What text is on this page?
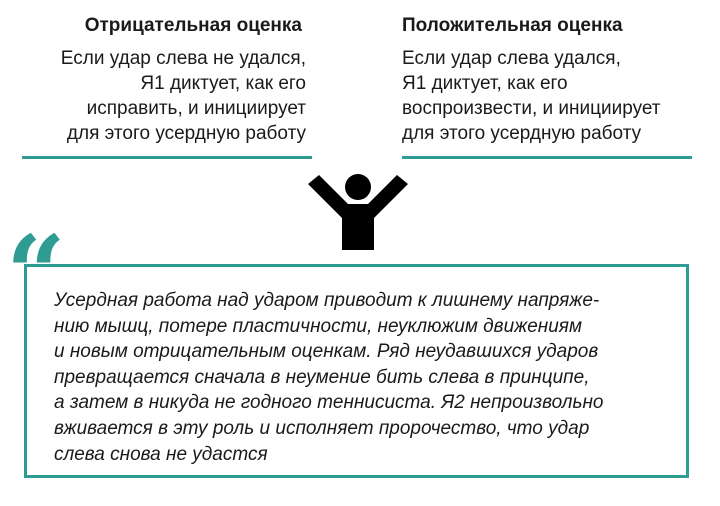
Отрицательная оценка

Если удар слева не удался,
Я1 диктует, как его
исправить, и инициирует
для этого усердную работу

Положительная оценка

Если удар слева удался,
Я1 диктует, как его
воспроизвести, и инициирует
для этого усердную работу

“

Усердная работа над ударом приводит к лишнему напряже-
нию мышц, потере пластичности, неуклюжим движениям
и новым отрицательным оценкам. Ряд неудавшихся ударов
превращается сначала в неумение бить слева в принципе,
а затем в никуда не годного теннисиста. Я2 непроизвольно
вживается в эту роль и исполняет пророчество, что удар
слева снова не удастся
